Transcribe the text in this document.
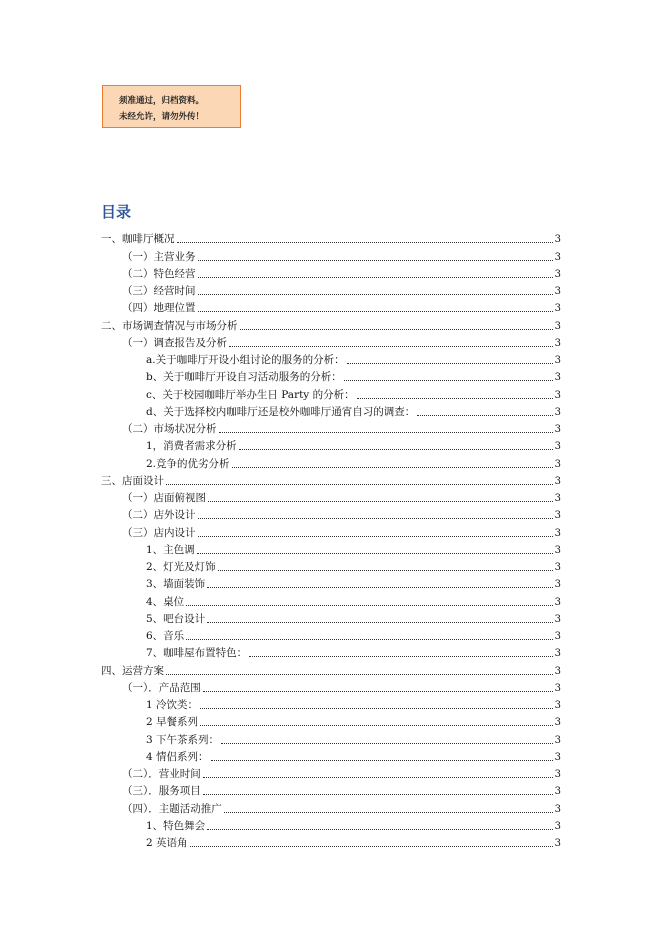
须准通过，归档资料。
未经允许，请勿外传！
目录
一、咖啡厅概况	3
（一）主营业务	3
（二）特色经营	3
（三）经营时间	3
（四）地理位置	3
二、市场调查情况与市场分析	3
（一）调查报告及分析	3
a.关于咖啡厅开设小组讨论的服务的分析：	3
b、关于咖啡厅开设自习活动服务的分析：	3
c、关于校园咖啡厅举办生日 Party 的分析：	3
d、关于选择校内咖啡厅还是校外咖啡厅通宵自习的调查：	3
（二）市场状况分析	3
1，消费者需求分析	3
2.竞争的优劣分析	3
三、店面设计	3
（一）店面俯视图	3
（二）店外设计	3
（三）店内设计	3
1、主色调	3
2、灯光及灯饰	3
3、墙面装饰	3
4、桌位	3
5、吧台设计	3
6、音乐	3
7、咖啡屋布置特色：	3
四、运营方案	3
（一）．产品范围	3
1 冷饮类：	3
2 早餐系列	3
3 下午茶系列：	3
4 情侣系列：	3
（二）．营业时间	3
（三）．服务项目	3
（四）．主题活动推广	3
1、特色舞会	3
2 英语角	3
